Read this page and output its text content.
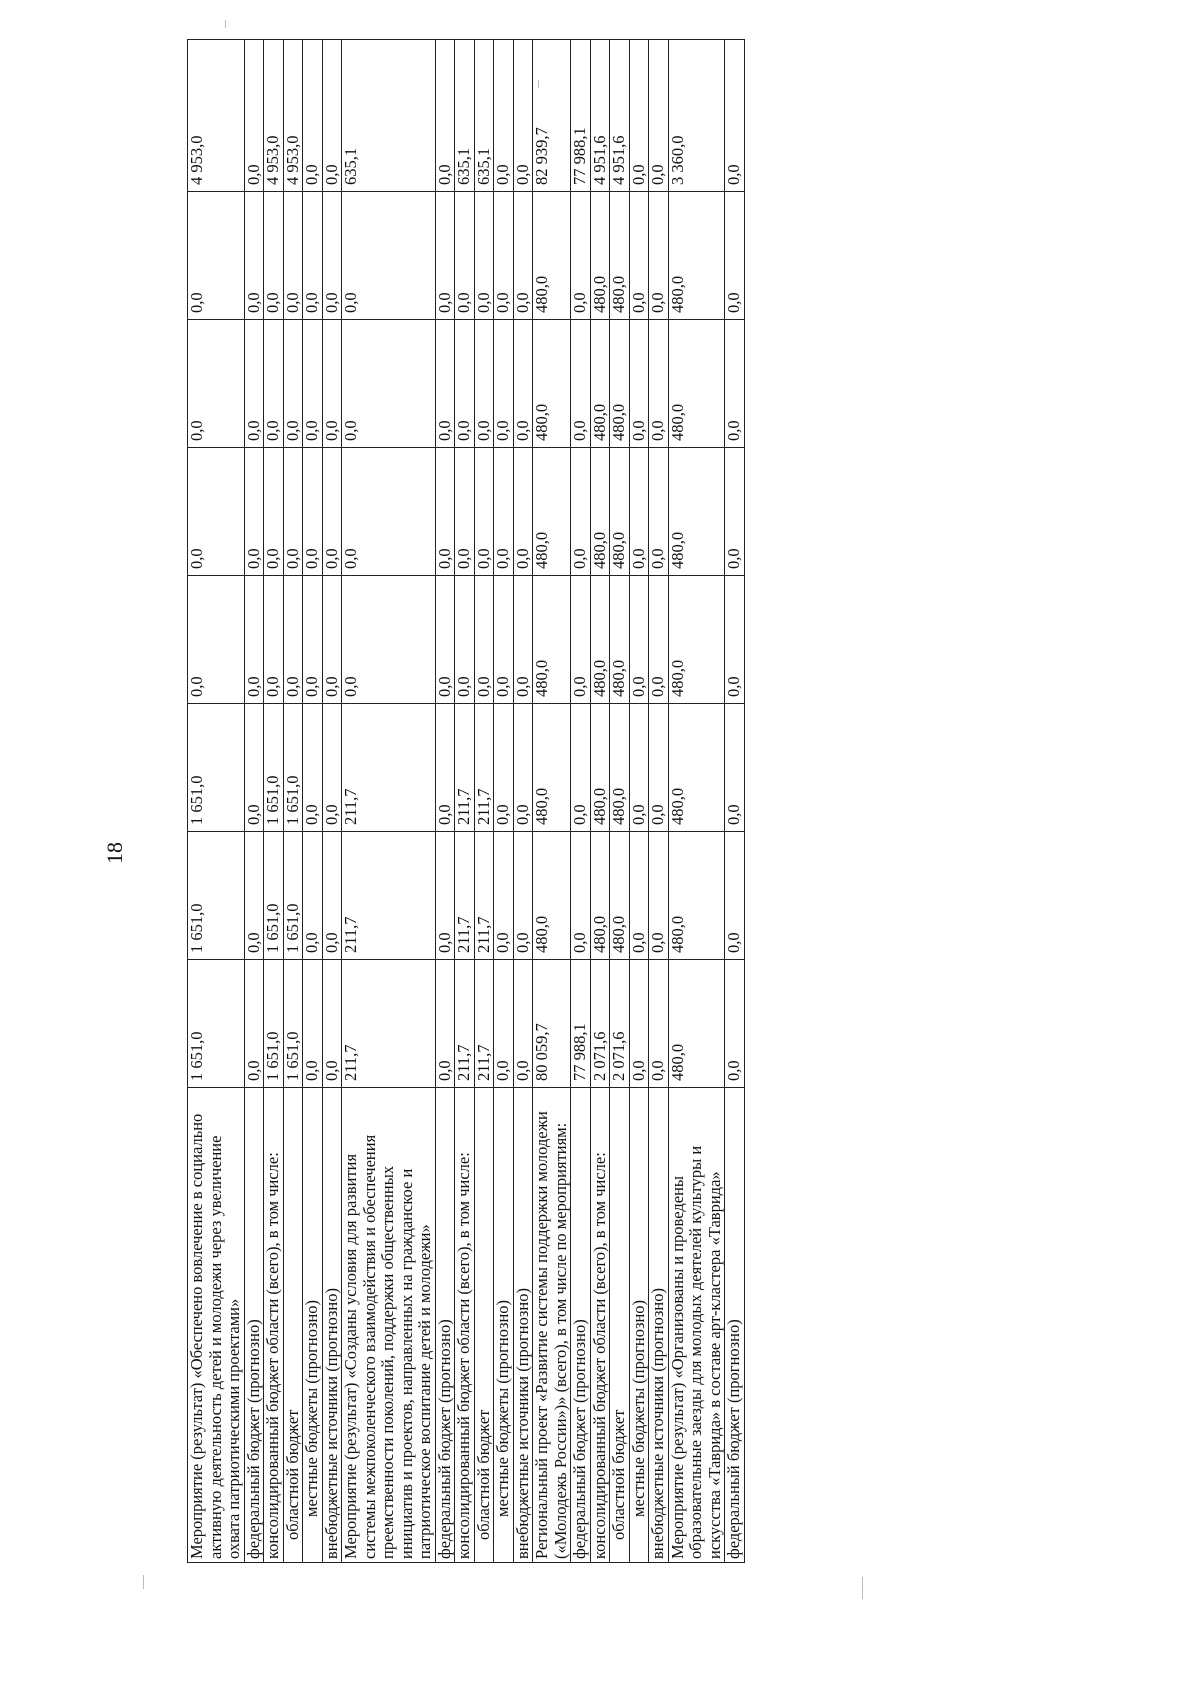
18
Мероприятие (результат) «Обеспечено вовлечение в социально активную деятельность детей и молодежи через увеличение охвата патриотическими проектами»	1 651,0	1 651,0	1 651,0	0,0	0,0	0,0	0,0	4 953,0
федеральный бюджет (прогнозно)	0,0	0,0	0,0	0,0	0,0	0,0	0,0	0,0
консолидированный бюджет области (всего), в том числе:	1 651,0	1 651,0	1 651,0	0,0	0,0	0,0	0,0	4 953,0
областной бюджет	1 651,0	1 651,0	1 651,0	0,0	0,0	0,0	0,0	4 953,0
местные бюджеты (прогнозно)	0,0	0,0	0,0	0,0	0,0	0,0	0,0	0,0
внебюджетные источники (прогнозно)	0,0	0,0	0,0	0,0	0,0	0,0	0,0	0,0
Мероприятие (результат) «Созданы условия для развития системы межпоколенческого взаимодействия и обеспечения преемственности поколений, поддержки общественных инициатив и проектов, направленных на гражданское и патриотическое воспитание детей и молодежи»	211,7	211,7	211,7	0,0	0,0	0,0	0,0	635,1
федеральный бюджет (прогнозно)	0,0	0,0	0,0	0,0	0,0	0,0	0,0	0,0
консолидированный бюджет области (всего), в том числе:	211,7	211,7	211,7	0,0	0,0	0,0	0,0	635,1
областной бюджет	211,7	211,7	211,7	0,0	0,0	0,0	0,0	635,1
местные бюджеты (прогнозно)	0,0	0,0	0,0	0,0	0,0	0,0	0,0	0,0
внебюджетные источники (прогнозно)	0,0	0,0	0,0	0,0	0,0	0,0	0,0	0,0
Региональный проект «Развитие системы поддержки молодежи («Молодежь России»)» (всего), в том числе по мероприятиям:	80 059,7	480,0	480,0	480,0	480,0	480,0	480,0	82 939,7
федеральный бюджет (прогнозно)	77 988,1	0,0	0,0	0,0	0,0	0,0	0,0	77 988,1
консолидированный бюджет области (всего), в том числе:	2 071,6	480,0	480,0	480,0	480,0	480,0	480,0	4 951,6
областной бюджет	2 071,6	480,0	480,0	480,0	480,0	480,0	480,0	4 951,6
местные бюджеты (прогнозно)	0,0	0,0	0,0	0,0	0,0	0,0	0,0	0,0
внебюджетные источники (прогнозно)	0,0	0,0	0,0	0,0	0,0	0,0	0,0	0,0
Мероприятие (результат) «Организованы и проведены образовательные заезды для молодых деятелей культуры и искусства «Таврида» в составе арт-кластера «Таврида»	480,0	480,0	480,0	480,0	480,0	480,0	480,0	3 360,0
федеральный бюджет (прогнозно)	0,0	0,0	0,0	0,0	0,0	0,0	0,0	0,0
